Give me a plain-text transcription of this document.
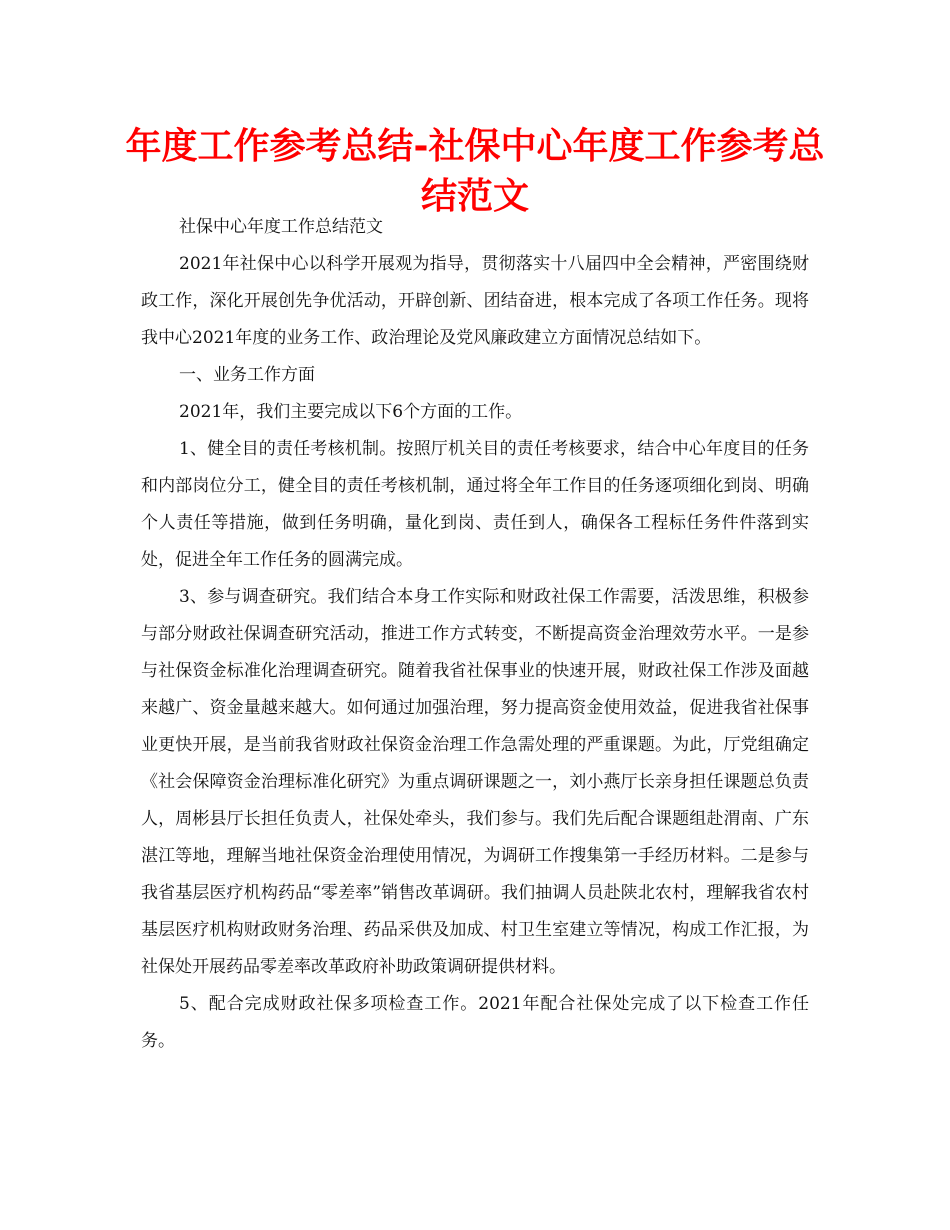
年度工作参考总结-社保中心年度工作参考总结范文

社保中心年度工作总结范文

2021年社保中心以科学开展观为指导，贯彻落实十八届四中全会精神，严密围绕财政工作，深化开展创先争优活动，开辟创新、团结奋进，根本完成了各项工作任务。现将我中心2021年度的业务工作、政治理论及党风廉政建立方面情况总结如下。

一、业务工作方面

2021年，我们主要完成以下6个方面的工作。

1、健全目的责任考核机制。按照厅机关目的责任考核要求，结合中心年度目的任务和内部岗位分工，健全目的责任考核机制，通过将全年工作目的任务逐项细化到岗、明确个人责任等措施，做到任务明确，量化到岗、责任到人，确保各工程标任务件件落到实处，促进全年工作任务的圆满完成。

3、参与调查研究。我们结合本身工作实际和财政社保工作需要，活泼思维，积极参与部分财政社保调查研究活动，推进工作方式转变，不断提高资金治理效劳水平。一是参与社保资金标准化治理调查研究。随着我省社保事业的快速开展，财政社保工作涉及面越来越广、资金量越来越大。如何通过加强治理，努力提高资金使用效益，促进我省社保事业更快开展，是当前我省财政社保资金治理工作急需处理的严重课题。为此，厅党组确定《社会保障资金治理标准化研究》为重点调研课题之一，刘小燕厅长亲身担任课题总负责人，周彬县厅长担任负责人，社保处牵头，我们参与。我们先后配合课题组赴渭南、广东湛江等地，理解当地社保资金治理使用情况，为调研工作搜集第一手经历材料。二是参与我省基层医疗机构药品“零差率”销售改革调研。我们抽调人员赴陕北农村，理解我省农村基层医疗机构财政财务治理、药品采供及加成、村卫生室建立等情况，构成工作汇报，为社保处开展药品零差率改革政府补助政策调研提供材料。

5、配合完成财政社保多项检查工作。2021年配合社保处完成了以下检查工作任务。
